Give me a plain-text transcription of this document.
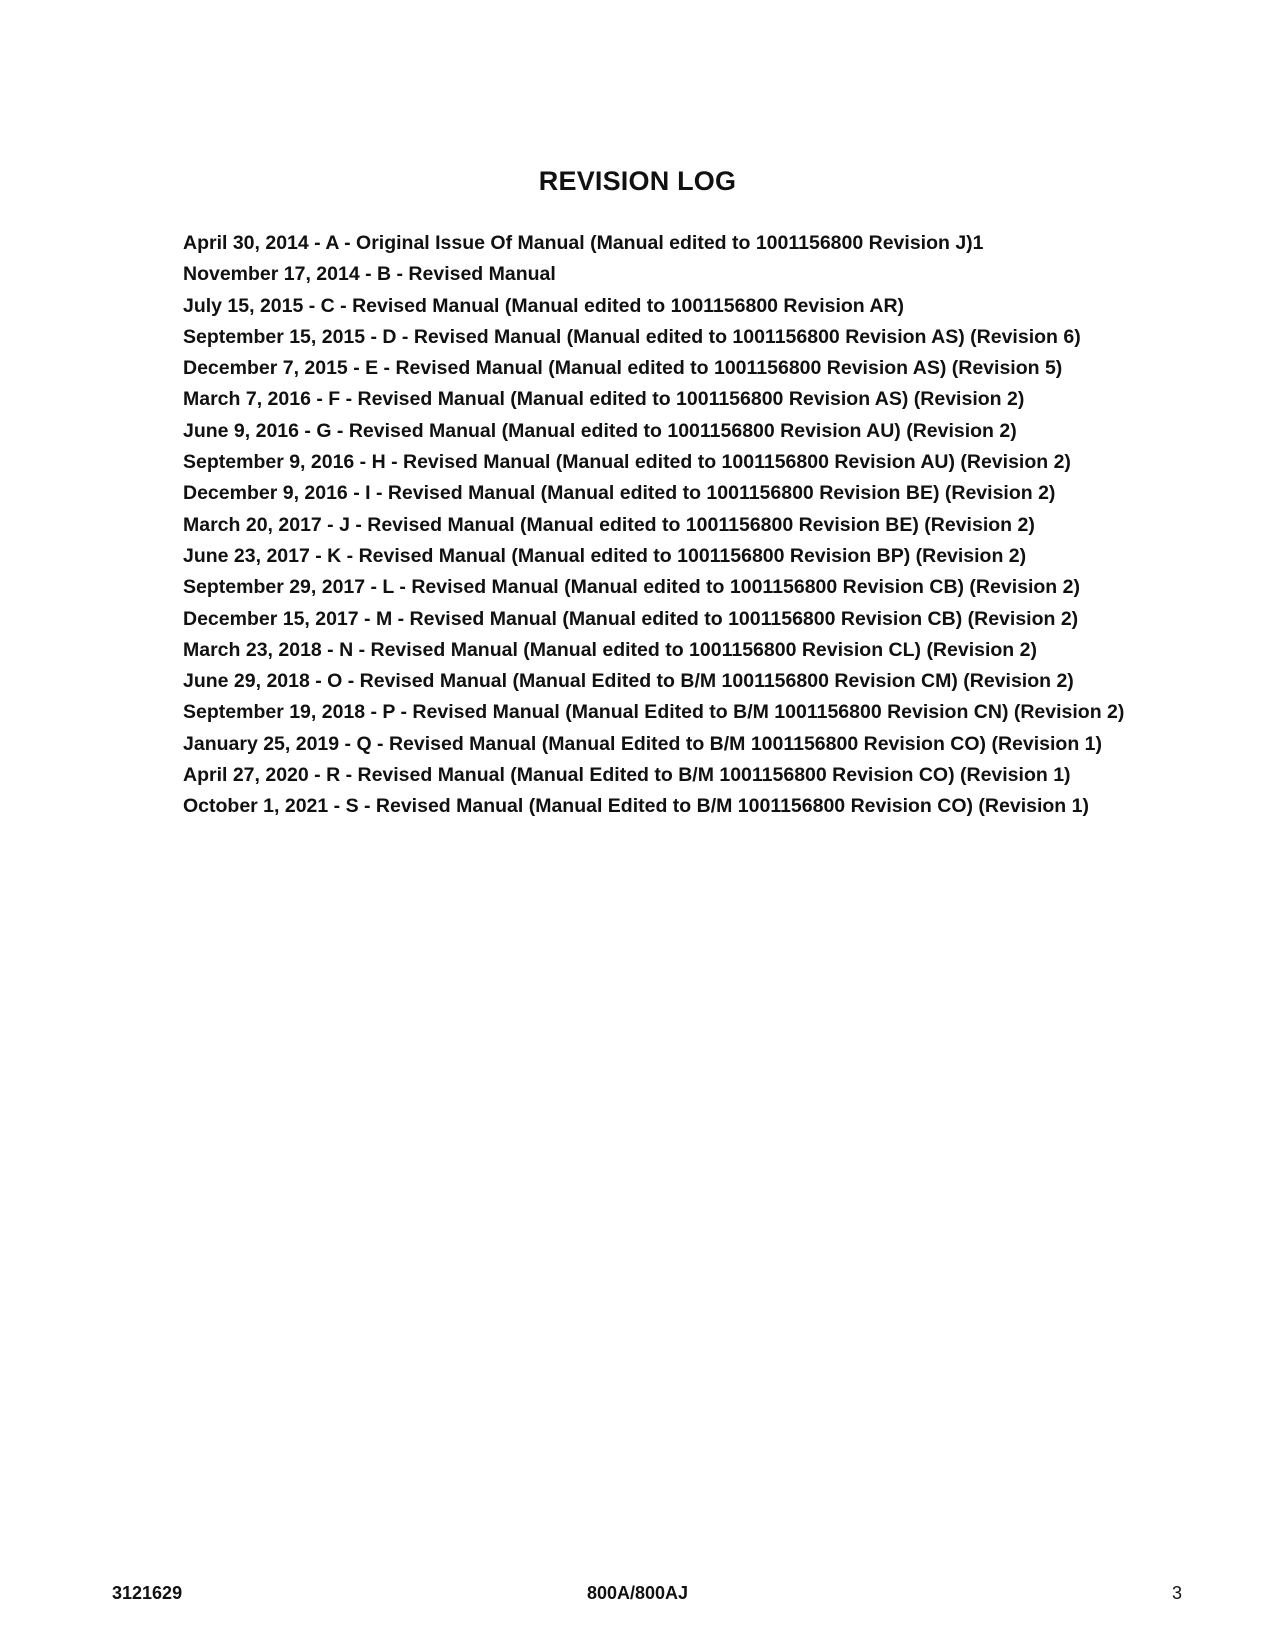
REVISION LOG
April 30, 2014 - A - Original Issue Of Manual (Manual edited to 1001156800 Revision J)1
November 17, 2014 - B - Revised Manual
July 15, 2015 - C - Revised Manual (Manual edited to 1001156800 Revision AR)
September 15, 2015 - D - Revised Manual (Manual edited to 1001156800 Revision AS) (Revision 6)
December 7, 2015 - E - Revised Manual (Manual edited to 1001156800 Revision AS) (Revision 5)
March 7, 2016 - F - Revised Manual (Manual edited to 1001156800 Revision AS) (Revision 2)
June 9, 2016 - G - Revised Manual (Manual edited to 1001156800 Revision AU) (Revision 2)
September 9, 2016 - H - Revised Manual (Manual edited to 1001156800 Revision AU) (Revision 2)
December 9, 2016 - I - Revised Manual (Manual edited to 1001156800 Revision BE) (Revision 2)
March 20, 2017 - J - Revised Manual (Manual edited to 1001156800 Revision BE) (Revision 2)
June 23, 2017 - K - Revised Manual (Manual edited to 1001156800 Revision BP) (Revision 2)
September 29, 2017 - L - Revised Manual (Manual edited to 1001156800 Revision CB) (Revision 2)
December 15, 2017 - M - Revised Manual (Manual edited to 1001156800 Revision CB) (Revision 2)
March 23, 2018 - N - Revised Manual (Manual edited to 1001156800 Revision CL) (Revision 2)
June 29, 2018 - O - Revised Manual (Manual Edited to B/M 1001156800 Revision CM) (Revision 2)
September 19, 2018 - P - Revised Manual (Manual Edited to B/M 1001156800 Revision CN) (Revision 2)
January 25, 2019 - Q - Revised Manual (Manual Edited to B/M 1001156800 Revision CO) (Revision 1)
April 27, 2020 - R - Revised Manual (Manual Edited to B/M 1001156800 Revision CO) (Revision 1)
October 1, 2021 - S - Revised Manual (Manual Edited to B/M 1001156800 Revision CO) (Revision 1)
3121629	800A/800AJ	3
